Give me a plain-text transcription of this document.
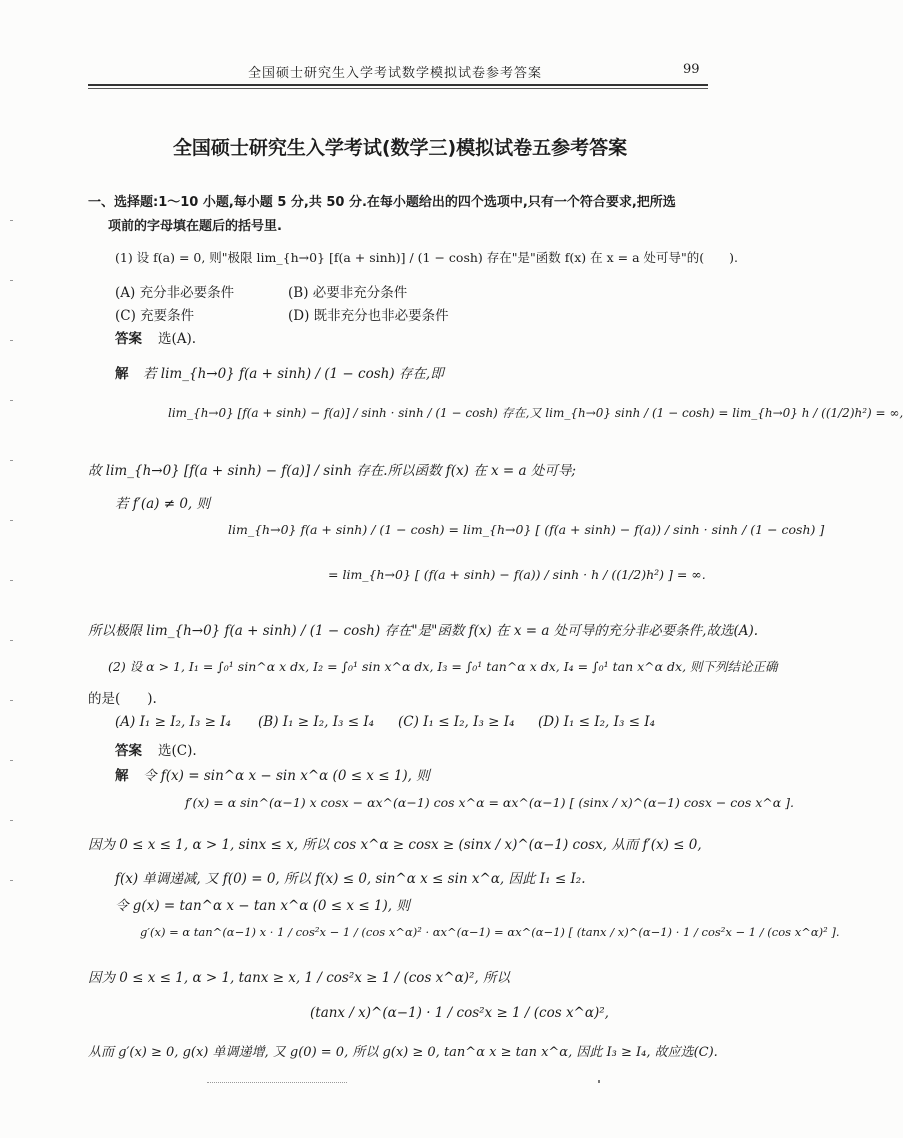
全国硕士研究生入学考试数学模拟试卷参考答案	99
全国硕士研究生入学考试(数学三)模拟试卷五参考答案
一、选择题:1～10 小题,每小题 5 分,共 50 分.在每小题给出的四个选项中,只有一个符合要求,把所选
项前的字母填在题后的括号里.
(1) 设 f(a) = 0, 则"极限 lim_{h→0} [f(a + sinh)] / (1 − cosh) 存在"是"函数 f(x) 在 x = a 处可导"的(　　).
(A) 充分非必要条件	(B) 必要非充分条件
(C) 充要条件	(D) 既非充分也非必要条件
答案 选(A).
解 若 lim_{h→0} f(a + sinh) / (1 − cosh) 存在,即
lim_{h→0} [f(a + sinh) − f(a)] / sinh · sinh / (1 − cosh) 存在,又 lim_{h→0} sinh / (1 − cosh) = lim_{h→0} h / ((1/2)h²) = ∞,
故 lim_{h→0} [f(a + sinh) − f(a)] / sinh 存在.所以函数 f(x) 在 x = a 处可导;
若 f′(a) ≠ 0, 则
lim_{h→0} f(a + sinh) / (1 − cosh) = lim_{h→0} [ (f(a + sinh) − f(a)) / sinh · sinh / (1 − cosh) ]
= lim_{h→0} [ (f(a + sinh) − f(a)) / sinh · h / ((1/2)h²) ] = ∞.
所以极限 lim_{h→0} f(a + sinh) / (1 − cosh) 存在"是"函数 f(x) 在 x = a 处可导的充分非必要条件,故选(A).
(2) 设 α > 1, I₁ = ∫₀¹ sin^α x dx, I₂ = ∫₀¹ sin x^α dx, I₃ = ∫₀¹ tan^α x dx, I₄ = ∫₀¹ tan x^α dx, 则下列结论正确
的是(　　).
(A) I₁ ≥ I₂, I₃ ≥ I₄ (B) I₁ ≥ I₂, I₃ ≤ I₄ (C) I₁ ≤ I₂, I₃ ≥ I₄ (D) I₁ ≤ I₂, I₃ ≤ I₄
答案 选(C).
解 令 f(x) = sin^α x − sin x^α (0 ≤ x ≤ 1), 则
f′(x) = α sin^(α−1) x cosx − αx^(α−1) cos x^α = αx^(α−1) [ (sinx / x)^(α−1) cosx − cos x^α ].
因为 0 ≤ x ≤ 1, α > 1, sinx ≤ x, 所以 cos x^α ≥ cosx ≥ (sinx / x)^(α−1) cosx, 从而 f′(x) ≤ 0,
f(x) 单调递减, 又 f(0) = 0, 所以 f(x) ≤ 0, sin^α x ≤ sin x^α, 因此 I₁ ≤ I₂.
令 g(x) = tan^α x − tan x^α (0 ≤ x ≤ 1), 则
g′(x) = α tan^(α−1) x · 1 / cos²x − 1 / (cos x^α)² · αx^(α−1) = αx^(α−1) [ (tanx / x)^(α−1) · 1 / cos²x − 1 / (cos x^α)² ].
因为 0 ≤ x ≤ 1, α > 1, tanx ≥ x, 1 / cos²x ≥ 1 / (cos x^α)², 所以
(tanx / x)^(α−1) · 1 / cos²x ≥ 1 / (cos x^α)²,
从而 g′(x) ≥ 0, g(x) 单调递增, 又 g(0) = 0, 所以 g(x) ≥ 0, tan^α x ≥ tan x^α, 因此 I₃ ≥ I₄, 故应选(C).
